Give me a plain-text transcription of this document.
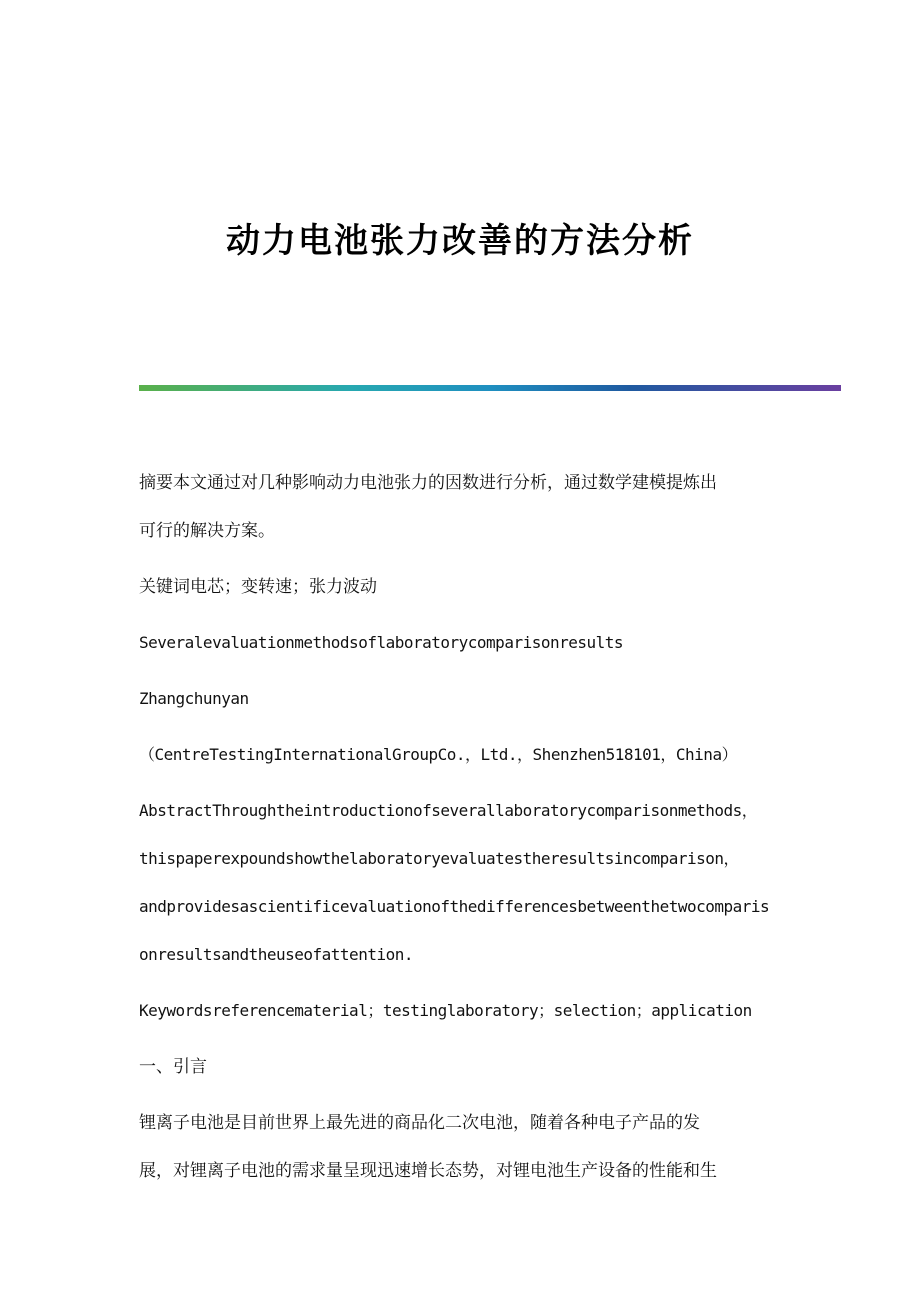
动力电池张力改善的方法分析

摘要本文通过对几种影响动力电池张力的因数进行分析，通过数学建模提炼出

可行的解决方案。

关键词电芯；变转速；张力波动

Severalevaluationmethodsoflaboratorycomparisonresults

Zhangchunyan

（CentreTestingInternationalGroupCo.，Ltd.，Shenzhen518101，China）

AbstractThroughtheintroductionofseverallaboratorycomparisonmethods，

thispaperexpoundshowthelaboratoryevaluatestheresultsincomparison，

andprovidesascientificevaluationofthedifferencesbetweenthetwocomparis

onresultsandtheuseofattention.

Keywordsreferencematerial；testinglaboratory；selection；application

一、引言

锂离子电池是目前世界上最先进的商品化二次电池，随着各种电子产品的发

展，对锂离子电池的需求量呈现迅速增长态势，对锂电池生产设备的性能和生
